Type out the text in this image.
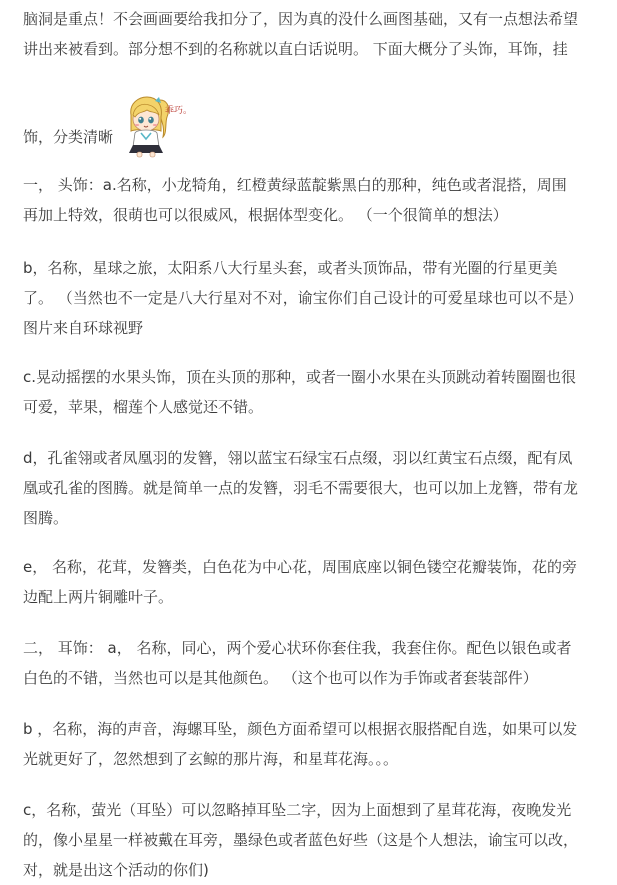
脑洞是重点！不会画画要给我扣分了，因为真的没什么画图基础，又有一点想法希望

讲出来被看到。部分想不到的名称就以直白话说明。 下面大概分了头饰，耳饰，挂

饰，分类清晰

乖巧。

一， 头饰：a.名称，小龙犄角，红橙黄绿蓝靛紫黑白的那种，纯色或者混搭，周围

再加上特效，很萌也可以很威风，根据体型变化。 （一个很简单的想法）

b，名称，星球之旅，太阳系八大行星头套，或者头顶饰品，带有光圈的行星更美

了。 （当然也不一定是八大行星对不对，谕宝你们自己设计的可爱星球也可以不是）

图片来自环球视野

c.晃动摇摆的水果头饰，顶在头顶的那种，或者一圈小水果在头顶跳动着转圈圈也很

可爱，苹果，榴莲个人感觉还不错。

d，孔雀翎或者凤凰羽的发簪，翎以蓝宝石绿宝石点缀，羽以红黄宝石点缀，配有凤

凰或孔雀的图腾。就是简单一点的发簪，羽毛不需要很大，也可以加上龙簪，带有龙

图腾。

e， 名称，花茸，发簪类，白色花为中心花，周围底座以铜色镂空花瓣装饰，花的旁

边配上两片铜雕叶子。

二， 耳饰： a， 名称，同心，两个爱心状环你套住我，我套住你。配色以银色或者

白色的不错，当然也可以是其他颜色。 （这个也可以作为手饰或者套装部件）

b ，名称，海的声音，海螺耳坠，颜色方面希望可以根据衣服搭配自选，如果可以发

光就更好了，忽然想到了玄鲸的那片海，和星茸花海。。。

c，名称，萤光（耳坠）可以忽略掉耳坠二字，因为上面想到了星茸花海，夜晚发光

的，像小星星一样被戴在耳旁，墨绿色或者蓝色好些（这是个人想法，谕宝可以改，

对，就是出这个活动的你们)
